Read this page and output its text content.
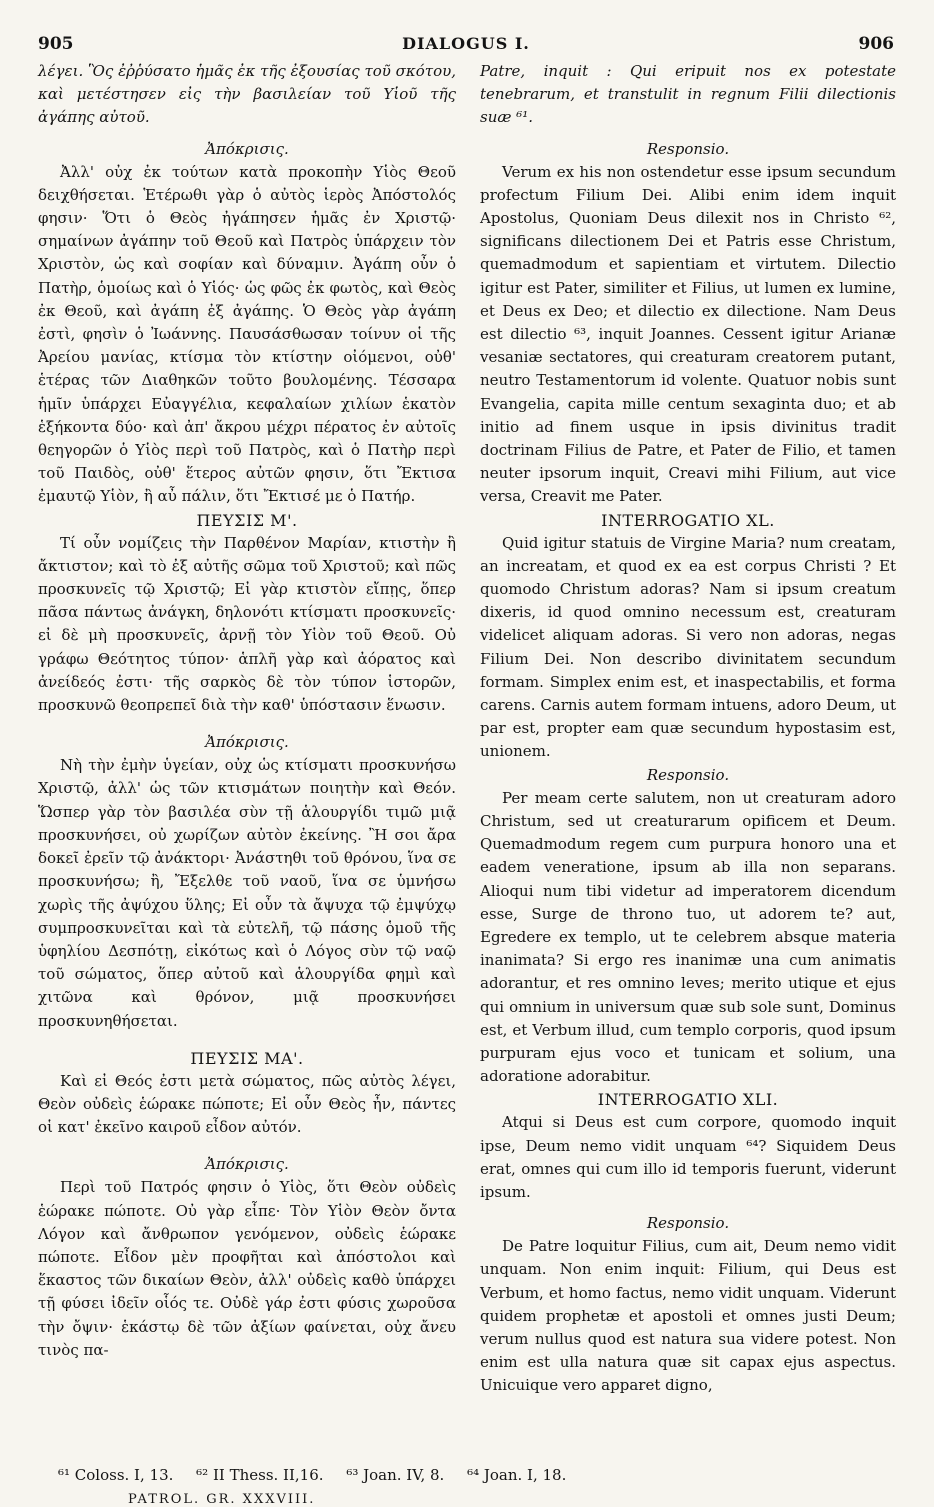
905	DIALOGUS I.	906

λέγει. Ὃς ἐῤῥύσατο ἡμᾶς ἐκ τῆς ἐξουσίας τοῦ σκότου, καὶ μετέστησεν εἰς τὴν βασιλείαν τοῦ Υἱοῦ τῆς ἀγάπης αὐτοῦ.

Ἀπόκρισις.

Ἀλλ' οὐχ ἐκ τούτων κατὰ προκοπὴν Υἱὸς Θεοῦ δειχθήσεται. Ἑτέρωθι γὰρ ὁ αὐτὸς ἱερὸς Ἀπόστολός φησιν· Ὅτι ὁ Θεὸς ἠγάπησεν ἡμᾶς ἐν Χριστῷ· σημαίνων ἀγάπην τοῦ Θεοῦ καὶ Πατρὸς ὑπάρχειν τὸν Χριστὸν, ὡς καὶ σοφίαν καὶ δύναμιν. Ἀγάπη οὖν ὁ Πατὴρ, ὁμοίως καὶ ὁ Υἱός· ὡς φῶς ἐκ φωτὸς, καὶ Θεὸς ἐκ Θεοῦ, καὶ ἀγάπη ἐξ ἀγάπης. Ὁ Θεὸς γὰρ ἀγάπη ἐστὶ, φησὶν ὁ Ἰωάννης. Παυσάσθωσαν τοίνυν οἱ τῆς Ἀρείου μανίας, κτίσμα τὸν κτίστην οἰόμενοι, οὐθ' ἑτέρας τῶν Διαθηκῶν τοῦτο βουλομένης. Τέσσαρα ἡμῖν ὑπάρχει Εὐαγγέλια, κεφαλαίων χιλίων ἑκατὸν ἑξήκοντα δύο· καὶ ἀπ' ἄκρου μέχρι πέρατος ἐν αὐτοῖς θεηγορῶν ὁ Υἱὸς περὶ τοῦ Πατρὸς, καὶ ὁ Πατὴρ περὶ τοῦ Παιδὸς, οὐθ' ἕτερος αὐτῶν φησιν, ὅτι Ἔκτισα ἐμαυτῷ Υἱὸν, ἢ αὖ πάλιν, ὅτι Ἔκτισέ με ὁ Πατήρ.

ΠΕΥΣΙΣ Μ'.

Τί οὖν νομίζεις τὴν Παρθένον Μαρίαν, κτιστὴν ἢ ἄκτιστον; καὶ τὸ ἐξ αὐτῆς σῶμα τοῦ Χριστοῦ; καὶ πῶς προσκυνεῖς τῷ Χριστῷ; Εἰ γὰρ κτιστὸν εἴπῃς, ὅπερ πᾶσα πάντως ἀνάγκη, δηλονότι κτίσματι προσκυνεῖς· εἰ δὲ μὴ προσκυνεῖς, ἀρνῇ τὸν Υἱὸν τοῦ Θεοῦ. Οὐ γράφω Θεότητος τύπον· ἁπλῆ γὰρ καὶ ἀόρατος καὶ ἀνείδεός ἐστι· τῆς σαρκὸς δὲ τὸν τύπον ἱστορῶν, προσκυνῶ θεοπρεπεῖ διὰ τὴν καθ' ὑπόστασιν ἕνωσιν.

Ἀπόκρισις.

Νὴ τὴν ἐμὴν ὑγείαν, οὐχ ὡς κτίσματι προσκυνήσω Χριστῷ, ἀλλ' ὡς τῶν κτισμάτων ποιητὴν καὶ Θεόν. Ὥσπερ γὰρ τὸν βασιλέα σὺν τῇ ἁλουργίδι τιμῶ μιᾷ προσκυνήσει, οὐ χωρίζων αὐτὸν ἐκείνης. Ἢ σοι ἄρα δοκεῖ ἐρεῖν τῷ ἀνάκτορι· Ἀνάστηθι τοῦ θρόνου, ἵνα σε προσκυνήσω; ἢ, Ἔξελθε τοῦ ναοῦ, ἵνα σε ὑμνήσω χωρὶς τῆς ἀψύχου ὕλης; Εἰ οὖν τὰ ἄψυχα τῷ ἐμψύχῳ συμπροσκυνεῖται καὶ τὰ εὐτελῆ, τῷ πάσης ὁμοῦ τῆς ὑφηλίου Δεσπότῃ, εἰκότως καὶ ὁ Λόγος σὺν τῷ ναῷ τοῦ σώματος, ὅπερ αὐτοῦ καὶ ἁλουργίδα φημὶ καὶ χιτῶνα καὶ θρόνον, μιᾷ προσκυνήσει προσκυνηθήσεται.

ΠΕΥΣΙΣ ΜΑ'.

Καὶ εἰ Θεός ἐστι μετὰ σώματος, πῶς αὐτὸς λέγει, Θεὸν οὐδεὶς ἑώρακε πώποτε; Εἰ οὖν Θεὸς ἦν, πάντες οἱ κατ' ἐκεῖνο καιροῦ εἶδον αὐτόν.

Ἀπόκρισις.

Περὶ τοῦ Πατρός φησιν ὁ Υἱὸς, ὅτι Θεὸν οὐδεὶς ἑώρακε πώποτε. Οὐ γὰρ εἶπε· Τὸν Υἱὸν Θεὸν ὄντα Λόγον καὶ ἄνθρωπον γενόμενον, οὐδεὶς ἑώρακε πώποτε. Εἶδον μὲν προφῆται καὶ ἀπόστολοι καὶ ἕκαστος τῶν δικαίων Θεὸν, ἀλλ' οὐδεὶς καθὸ ὑπάρχει τῇ φύσει ἰδεῖν οἷός τε. Οὐδὲ γάρ ἐστι φύσις χωροῦσα τὴν ὄψιν· ἑκάστῳ δὲ τῶν ἀξίων φαίνεται, οὐχ ἄνευ τινὸς πα-

Patre, inquit : Qui eripuit nos ex potestate tenebrarum, et transtulit in regnum Filii dilectionis suæ ⁶¹.

Responsio.

Verum ex his non ostendetur esse ipsum secundum profectum Filium Dei. Alibi enim idem inquit Apostolus, Quoniam Deus dilexit nos in Christo ⁶², significans dilectionem Dei et Patris esse Christum, quemadmodum et sapientiam et virtutem. Dilectio igitur est Pater, similiter et Filius, ut lumen ex lumine, et Deus ex Deo; et dilectio ex dilectione. Nam Deus est dilectio ⁶³, inquit Joannes. Cessent igitur Arianæ vesaniæ sectatores, qui creaturam creatorem putant, neutro Testamentorum id volente. Quatuor nobis sunt Evangelia, capita mille centum sexaginta duo; et ab initio ad finem usque in ipsis divinitus tradit doctrinam Filius de Patre, et Pater de Filio, et tamen neuter ipsorum inquit, Creavi mihi Filium, aut vice versa, Creavit me Pater.

INTERROGATIO XL.

Quid igitur statuis de Virgine Maria? num creatam, an increatam, et quod ex ea est corpus Christi ? Et quomodo Christum adoras? Nam si ipsum creatum dixeris, id quod omnino necessum est, creaturam videlicet aliquam adoras. Si vero non adoras, negas Filium Dei. Non describo divinitatem secundum formam. Simplex enim est, et inaspectabilis, et forma carens. Carnis autem formam intuens, adoro Deum, ut par est, propter eam quæ secundum hypostasim est, unionem.

Responsio.

Per meam certe salutem, non ut creaturam adoro Christum, sed ut creaturarum opificem et Deum. Quemadmodum regem cum purpura honoro una et eadem veneratione, ipsum ab illa non separans. Alioqui num tibi videtur ad imperatorem dicendum esse, Surge de throno tuo, ut adorem te? aut, Egredere ex templo, ut te celebrem absque materia inanimata? Si ergo res inanimæ una cum animatis adorantur, et res omnino leves; merito utique et ejus qui omnium in universum quæ sub sole sunt, Dominus est, et Verbum illud, cum templo corporis, quod ipsum purpuram ejus voco et tunicam et solium, una adoratione adorabitur.

INTERROGATIO XLI.

Atqui si Deus est cum corpore, quomodo inquit ipse, Deum nemo vidit unquam ⁶⁴? Siquidem Deus erat, omnes qui cum illo id temporis fuerunt, viderunt ipsum.

Responsio.

De Patre loquitur Filius, cum ait, Deum nemo vidit unquam. Non enim inquit: Filium, qui Deus est Verbum, et homo factus, nemo vidit unquam. Viderunt quidem prophetæ et apostoli et omnes justi Deum; verum nullus quod est natura sua videre potest. Non enim est ulla natura quæ sit capax ejus aspectus. Unicuique vero apparet digno,

⁶¹ Coloss. I, 13. ⁶² II Thess. II,16. ⁶³ Joan. IV, 8. ⁶⁴ Joan. I, 18.
PATROL. GR. XXXVIII.
